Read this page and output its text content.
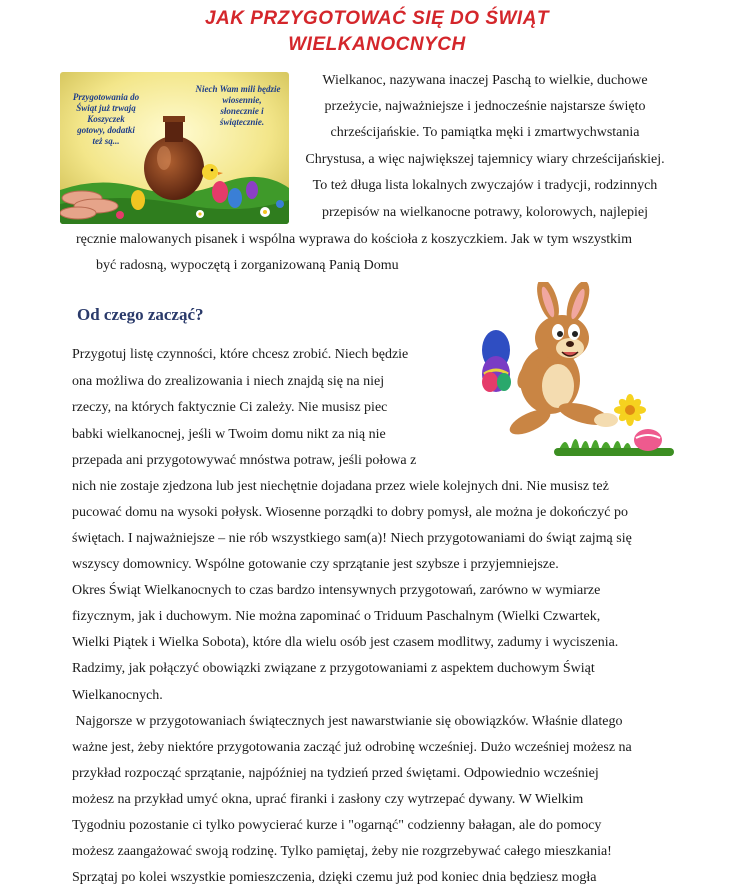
JAK PRZYGOTOWAĆ SIĘ DO ŚWIĄT
WIELKANOCNYCH
Przygotowania do
Świąt już trwają
Koszyczek
gotowy, dodatki
też są...
Niech Wam mili będzie
wiosennie,
słonecznie i
świątecznie.
Wielkanoc, nazywana inaczej Paschą to wielkie, duchowe
przeżycie, najważniejsze i jednocześnie najstarsze święto
chrześcijańskie. To pamiątka męki i zmartwychwstania
Chrystusa, a więc największej tajemnicy wiary chrześcijańskiej.
To też długa lista lokalnych zwyczajów i tradycji, rodzinnych
przepisów na wielkanocne potrawy, kolorowych, najlepiej
ręcznie malowanych pisanek i wspólna wyprawa do kościoła z koszyczkiem. Jak w tym wszystkim
być radosną, wypoczętą i zorganizowaną Panią Domu
Od czego zacząć?
Przygotuj listę czynności, które chcesz zrobić. Niech będzie
ona możliwa do zrealizowania i niech znajdą się na niej
rzeczy, na których faktycznie Ci zależy. Nie musisz piec
babki wielkanocnej, jeśli w Twoim domu nikt za nią nie
przepada ani przygotowywać mnóstwa potraw, jeśli połowa z
nich nie zostaje zjedzona lub jest niechętnie dojadana przez wiele kolejnych dni. Nie musisz też
pucować domu na wysoki połysk. Wiosenne porządki to dobry pomysł, ale można je dokończyć po
świętach. I najważniejsze – nie rób wszystkiego sam(a)! Niech przygotowaniami do świąt zajmą się
wszyscy domownicy. Wspólne gotowanie czy sprzątanie jest szybsze i przyjemniejsze.
Okres Świąt Wielkanocnych to czas bardzo intensywnych przygotowań, zarówno w wymiarze
fizycznym, jak i duchowym. Nie można zapominać o Triduum Paschalnym (Wielki Czwartek,
Wielki Piątek i Wielka Sobota), które dla wielu osób jest czasem modlitwy, zadumy i wyciszenia.
Radzimy, jak połączyć obowiązki związane z przygotowaniami z aspektem duchowym Świąt
Wielkanocnych.
Najgorsze w przygotowaniach świątecznych jest nawarstwianie się obowiązków. Właśnie dlatego
ważne jest, żeby niektóre przygotowania zacząć już odrobinę wcześniej. Dużo wcześniej możesz na
przykład rozpocząć sprzątanie, najpóźniej na tydzień przed świętami. Odpowiednio wcześniej
możesz na przykład umyć okna, uprać firanki i zasłony czy wytrzepać dywany. W Wielkim
Tygodniu pozostanie ci tylko powycierać kurze i "ogarnąć" codzienny bałagan, ale do pomocy
możesz zaangażować swoją rodzinę. Tylko pamiętaj, żeby nie rozgrzebywać całego mieszkania!
Sprzątaj po kolei wszystkie pomieszczenia, dzięki czemu już pod koniec dnia będziesz mogła
